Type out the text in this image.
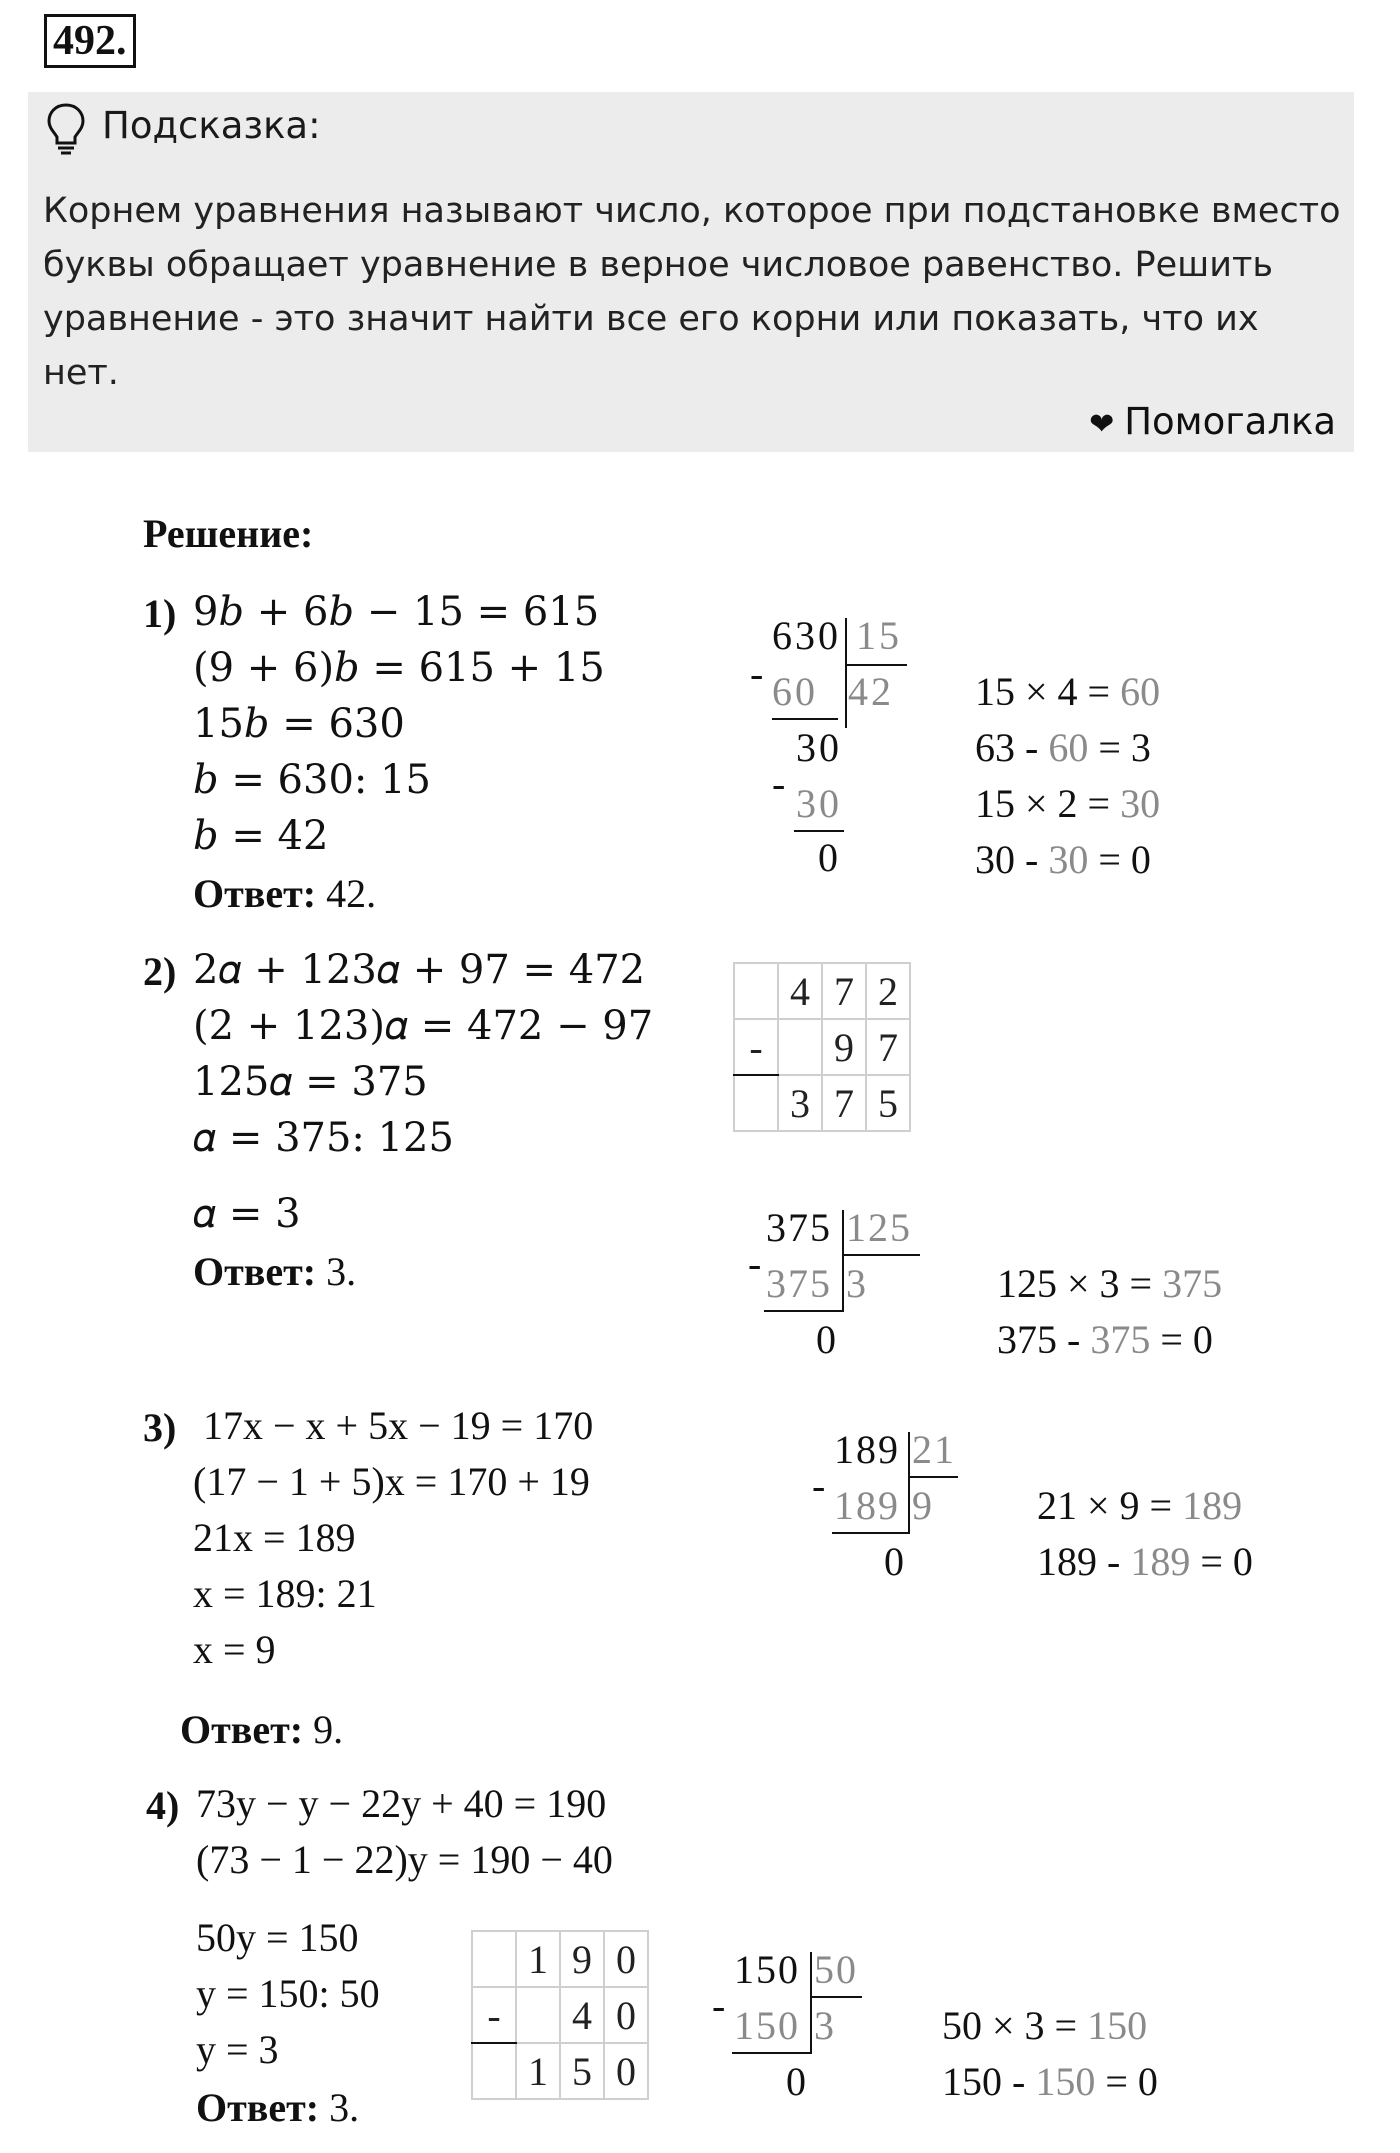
492.
Подсказка:
Корнем уравнения называют число, которое при подстановке вместо буквы обращает уравнение в верное числовое равенство. Решить уравнение - это значит найти все его корни или показать, что их нет.
❤ Помогалка
Решение:
1) 9𝑏 + 6𝑏 − 15 = 615
(9 + 6)𝑏 = 615 + 15
15𝑏 = 630
𝑏 = 630: 15
𝑏 = 42
Ответ: 42.
630 15
42
- 60
30
- 30
0
15 × 4 = 60
63 - 60 = 3
15 × 2 = 30
30 - 30 = 0
2) 2𝛼 + 123𝛼 + 97 = 472
(2 + 123)𝛼 = 472 − 97
125𝛼 = 375
𝛼 = 375: 125
𝛼 = 3
Ответ: 3.
	4	7	2
-		9	7
	3	7	5
375 125
3
- 375
0
125 × 3 = 375
375 - 375 = 0
3) 17x − x + 5x − 19 = 170
(17 − 1 + 5)x = 170 + 19
21x = 189
x = 189: 21
x = 9
Ответ: 9.
189 21
9
- 189
0
21 × 9 = 189
189 - 189 = 0
4) 73y − y − 22y + 40 = 190
(73 − 1 − 22)y = 190 − 40
50y = 150
y = 150: 50
y = 3
Ответ: 3.
	1	9	0
-		4	0
	1	5	0
150 50
3
- 150
0
50 × 3 = 150
150 - 150 = 0
